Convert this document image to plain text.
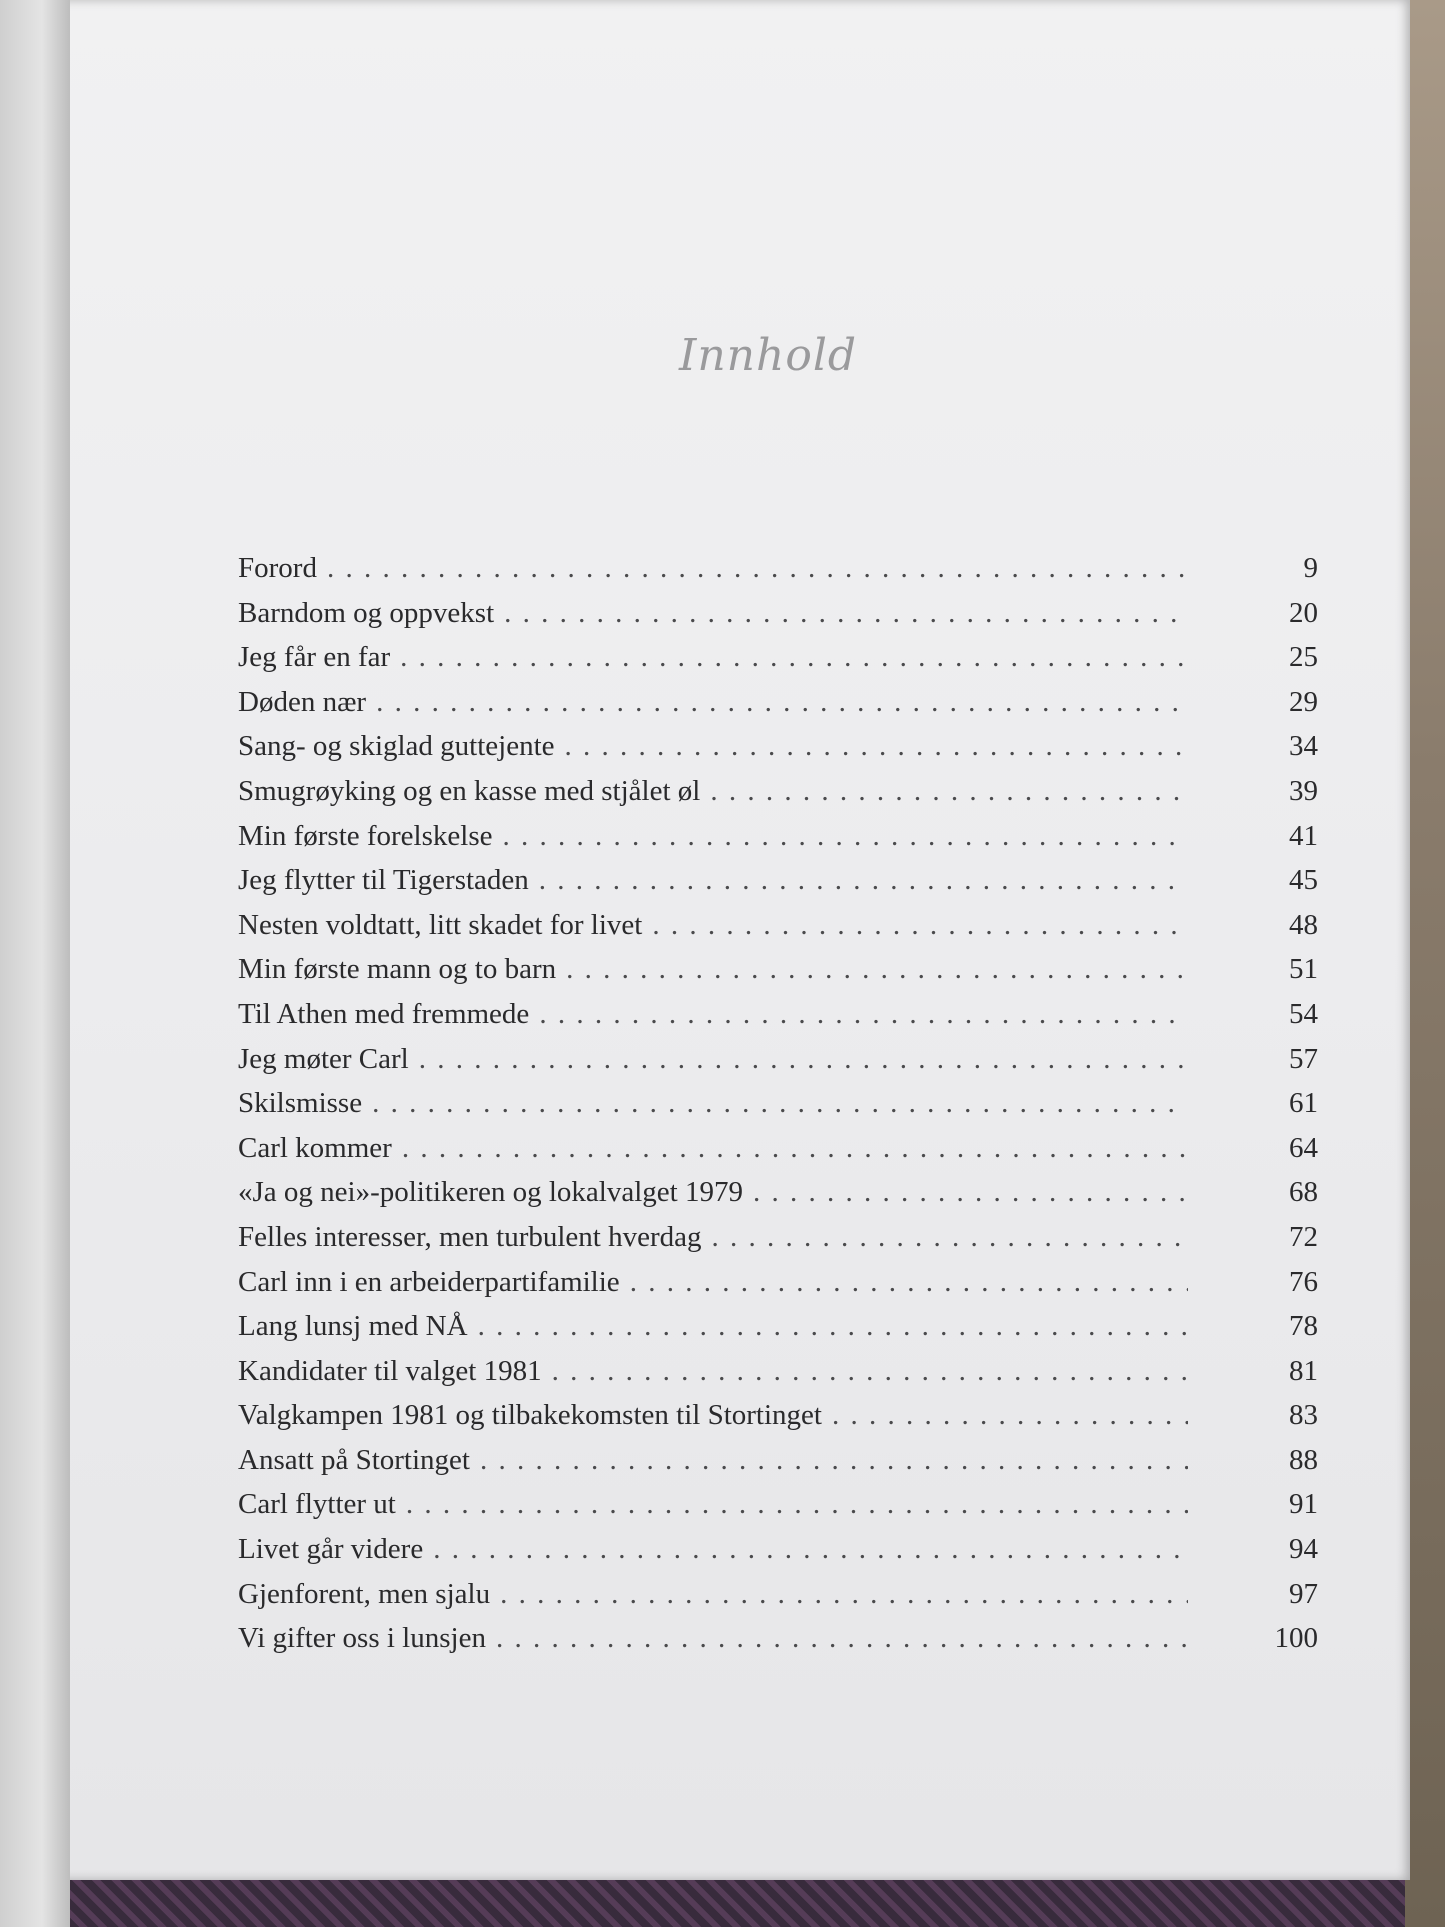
Innhold
Forord . . .	9
Barndom og oppvekst . . .	20
Jeg får en far . . .	25
Døden nær . . .	29
Sang- og skiglad guttejente . . .	34
Smugrøyking og en kasse med stjålet øl . . .	39
Min første forelskelse . . .	41
Jeg flytter til Tigerstaden . . .	45
Nesten voldtatt, litt skadet for livet . . .	48
Min første mann og to barn . . .	51
Til Athen med fremmede . . .	54
Jeg møter Carl . . .	57
Skilsmisse . . .	61
Carl kommer . . .	64
«Ja og nei»-politikeren og lokalvalget 1979 . . .	68
Felles interesser, men turbulent hverdag . . .	72
Carl inn i en arbeiderpartifamilie . . .	76
Lang lunsj med NÅ . . .	78
Kandidater til valget 1981 . . .	81
Valgkampen 1981 og tilbakekomsten til Stortinget . . .	83
Ansatt på Stortinget . . .	88
Carl flytter ut . . .	91
Livet går videre . . .	94
Gjenforent, men sjalu . . .	97
Vi gifter oss i lunsjen . . .	100
